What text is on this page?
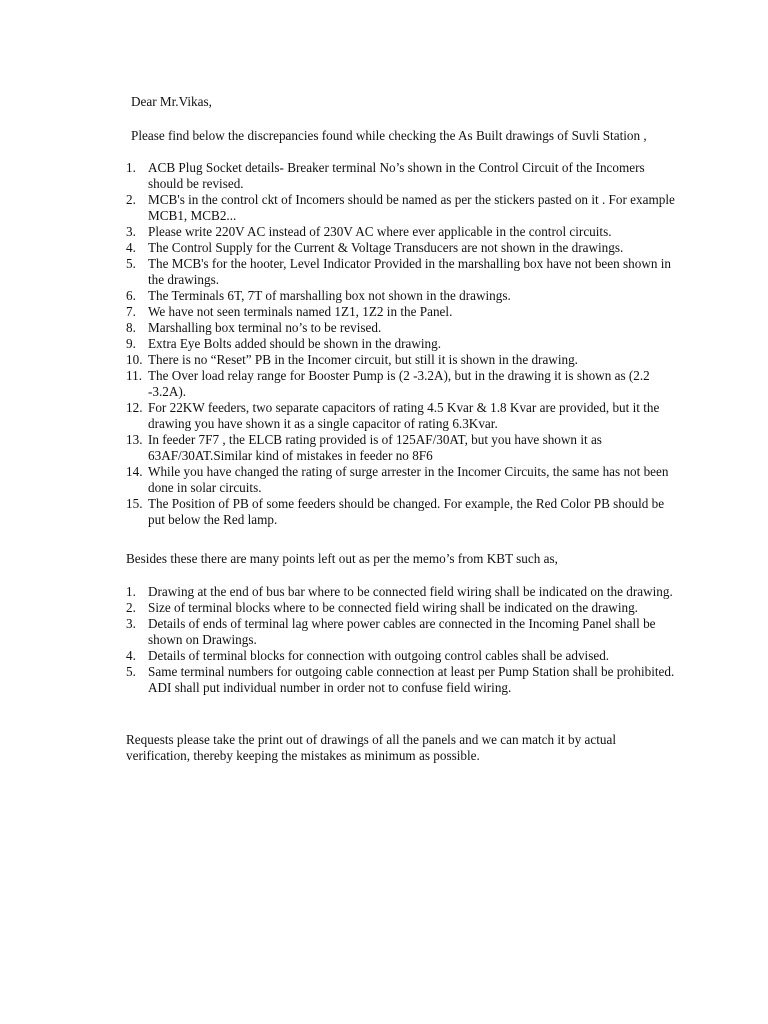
Dear Mr.Vikas,
Please find below the discrepancies found while checking the As Built drawings of Suvli Station ,
1. ACB Plug Socket details- Breaker terminal No’s shown in the Control Circuit of the Incomers should be revised.
2. MCB's in the control ckt of Incomers should be named as per the stickers pasted on it . For example MCB1, MCB2...
3. Please write 220V AC instead of 230V AC where ever applicable in the control circuits.
4. The Control Supply for the Current & Voltage Transducers are not shown in the drawings.
5. The MCB's for the hooter, Level Indicator Provided in the marshalling box have not been shown in the drawings.
6. The Terminals 6T, 7T of marshalling box not shown in the drawings.
7. We have not seen terminals named 1Z1, 1Z2 in the Panel.
8. Marshalling box terminal no’s to be revised.
9. Extra Eye Bolts added should be shown in the drawing.
10. There is no “Reset” PB in the Incomer circuit, but still it is shown in the drawing.
11. The Over load relay range for Booster Pump is (2 -3.2A), but in the drawing it is shown as (2.2 -3.2A).
12. For 22KW feeders, two separate capacitors of rating 4.5 Kvar & 1.8 Kvar are provided, but it the drawing you have shown it as a single capacitor of rating 6.3Kvar.
13. In feeder 7F7 , the ELCB rating provided is of 125AF/30AT, but you have shown it as 63AF/30AT.Similar kind of mistakes in feeder no 8F6
14. While you have changed the rating of surge arrester in the Incomer Circuits, the same has not been done in solar circuits.
15. The Position of PB of some feeders should be changed. For example, the Red Color PB should be put below the Red lamp.
Besides these there are many points left out as per the memo’s from KBT such as,
1. Drawing at the end of bus bar where to be connected field wiring shall be indicated on the drawing.
2. Size of terminal blocks where to be connected field wiring shall be indicated on the drawing.
3. Details of ends of terminal lag where power cables are connected in the Incoming Panel shall be shown on Drawings.
4. Details of terminal blocks for connection with outgoing control cables shall be advised.
5. Same terminal numbers for outgoing cable connection at least per Pump Station shall be prohibited. ADI shall put individual number in order not to confuse field wiring.
Requests please take the print out of drawings of all the panels and we can match it by actual verification, thereby keeping the mistakes as minimum as possible.
